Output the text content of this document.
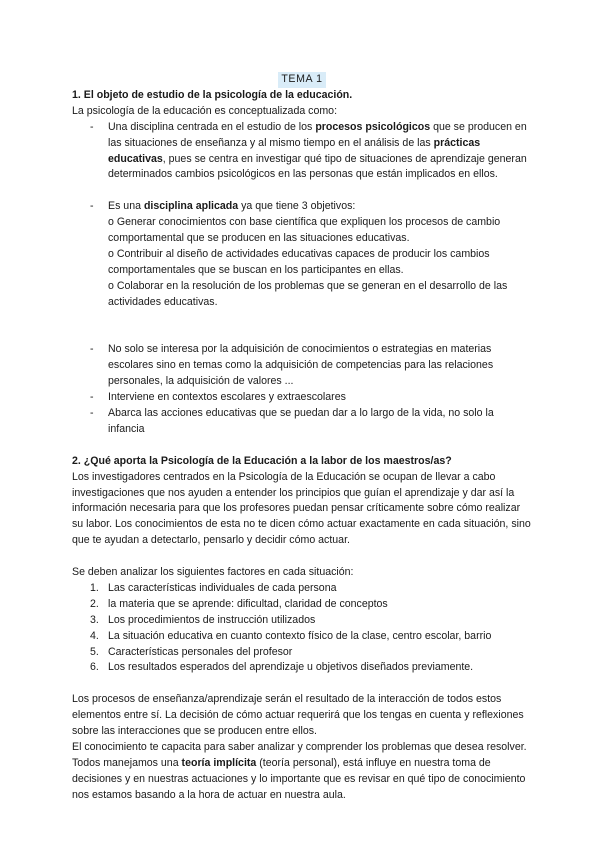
TEMA 1

1. El objeto de estudio de la psicología de la educación.

La psicología de la educación es conceptualizada como:

- Una disciplina centrada en el estudio de los procesos psicológicos que se producen en las situaciones de enseñanza y al mismo tiempo en el análisis de las prácticas educativas, pues se centra en investigar qué tipo de situaciones de aprendizaje generan determinados cambios psicológicos en las personas que están implicados en ellos.
- Es una disciplina aplicada ya que tiene 3 objetivos:
o Generar conocimientos con base científica que expliquen los procesos de cambio comportamental que se producen en las situaciones educativas.
o Contribuir al diseño de actividades educativas capaces de producir los cambios comportamentales que se buscan en los participantes en ellas.
o Colaborar en la resolución de los problemas que se generan en el desarrollo de las actividades educativas.
- No solo se interesa por la adquisición de conocimientos o estrategias en materias escolares sino en temas como la adquisición de competencias para las relaciones personales, la adquisición de valores ...
- Interviene en contextos escolares y extraescolares
- Abarca las acciones educativas que se puedan dar a lo largo de la vida, no solo la infancia

2. ¿Qué aporta la Psicología de la Educación a la labor de los maestros/as?

Los investigadores centrados en la Psicología de la Educación se ocupan de llevar a cabo investigaciones que nos ayuden a entender los principios que guían el aprendizaje y dar así la información necesaria para que los profesores puedan pensar críticamente sobre cómo realizar su labor. Los conocimientos de esta no te dicen cómo actuar exactamente en cada situación, sino que te ayudan a detectarlo, pensarlo y decidir cómo actuar.

Se deben analizar los siguientes factores en cada situación:

1. Las características individuales de cada persona
2. la materia que se aprende: dificultad, claridad de conceptos
3. Los procedimientos de instrucción utilizados
4. La situación educativa en cuanto contexto físico de la clase, centro escolar, barrio
5. Características personales del profesor
6. Los resultados esperados del aprendizaje u objetivos diseñados previamente.

Los procesos de enseñanza/aprendizaje serán el resultado de la interacción de todos estos elementos entre sí. La decisión de cómo actuar requerirá que los tengas en cuenta y reflexiones sobre las interacciones que se producen entre ellos.

El conocimiento te capacita para saber analizar y comprender los problemas que desea resolver.

Todos manejamos una teoría implícita (teoría personal), está influye en nuestra toma de decisiones y en nuestras actuaciones y lo importante que es revisar en qué tipo de conocimiento nos estamos basando a la hora de actuar en nuestra aula.
